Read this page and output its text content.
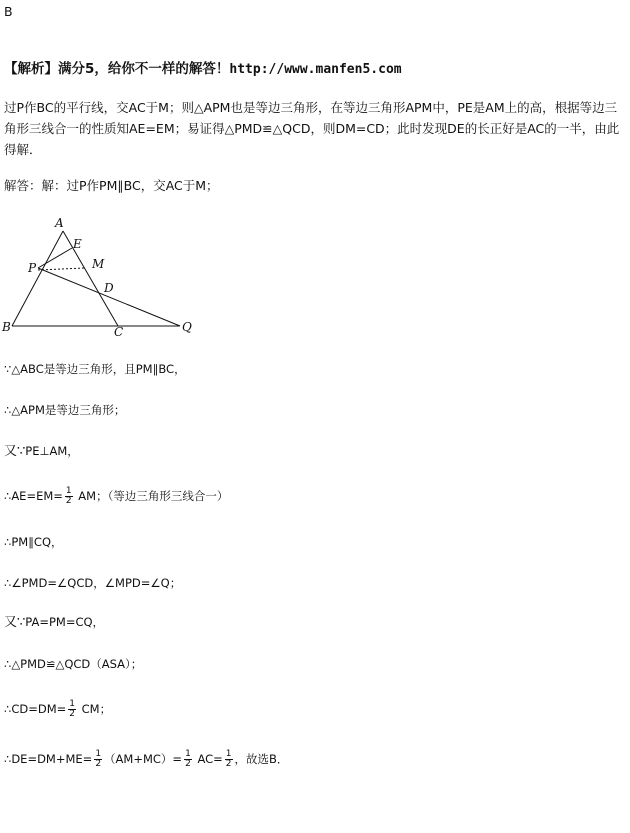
B
【解析】满分5，给你不一样的解答！http://www.manfen5.com
过P作BC的平行线，交AC于M；则△APM也是等边三角形，在等边三角形APM中，PE是AM上的高，根据等边三角形三线合一的性质知AE=EM；易证得△PMD≌△QCD，则DM=CD；此时发现DE的长正好是AC的一半，由此得解．
解答：解：过P作PM∥BC，交AC于M；
A
E
P	M
D
B	C	Q
∵△ABC是等边三角形，且PM∥BC，
∴△APM是等边三角形；
又∵PE⊥AM，
∴AE=EM= $\frac{1}{2}$ AM；（等边三角形三线合一）
∴PM∥CQ，
∴∠PMD=∠QCD，∠MPD=∠Q；
又∵PA=PM=CQ，
∴△PMD≌△QCD（ASA）；
∴CD=DM= $\frac{1}{2}$ CM；
∴DE=DM+ME= $\frac{1}{2} (AM+MC)= \frac{1}{2} AC= \frac{1}{2}$ ，故选B．
